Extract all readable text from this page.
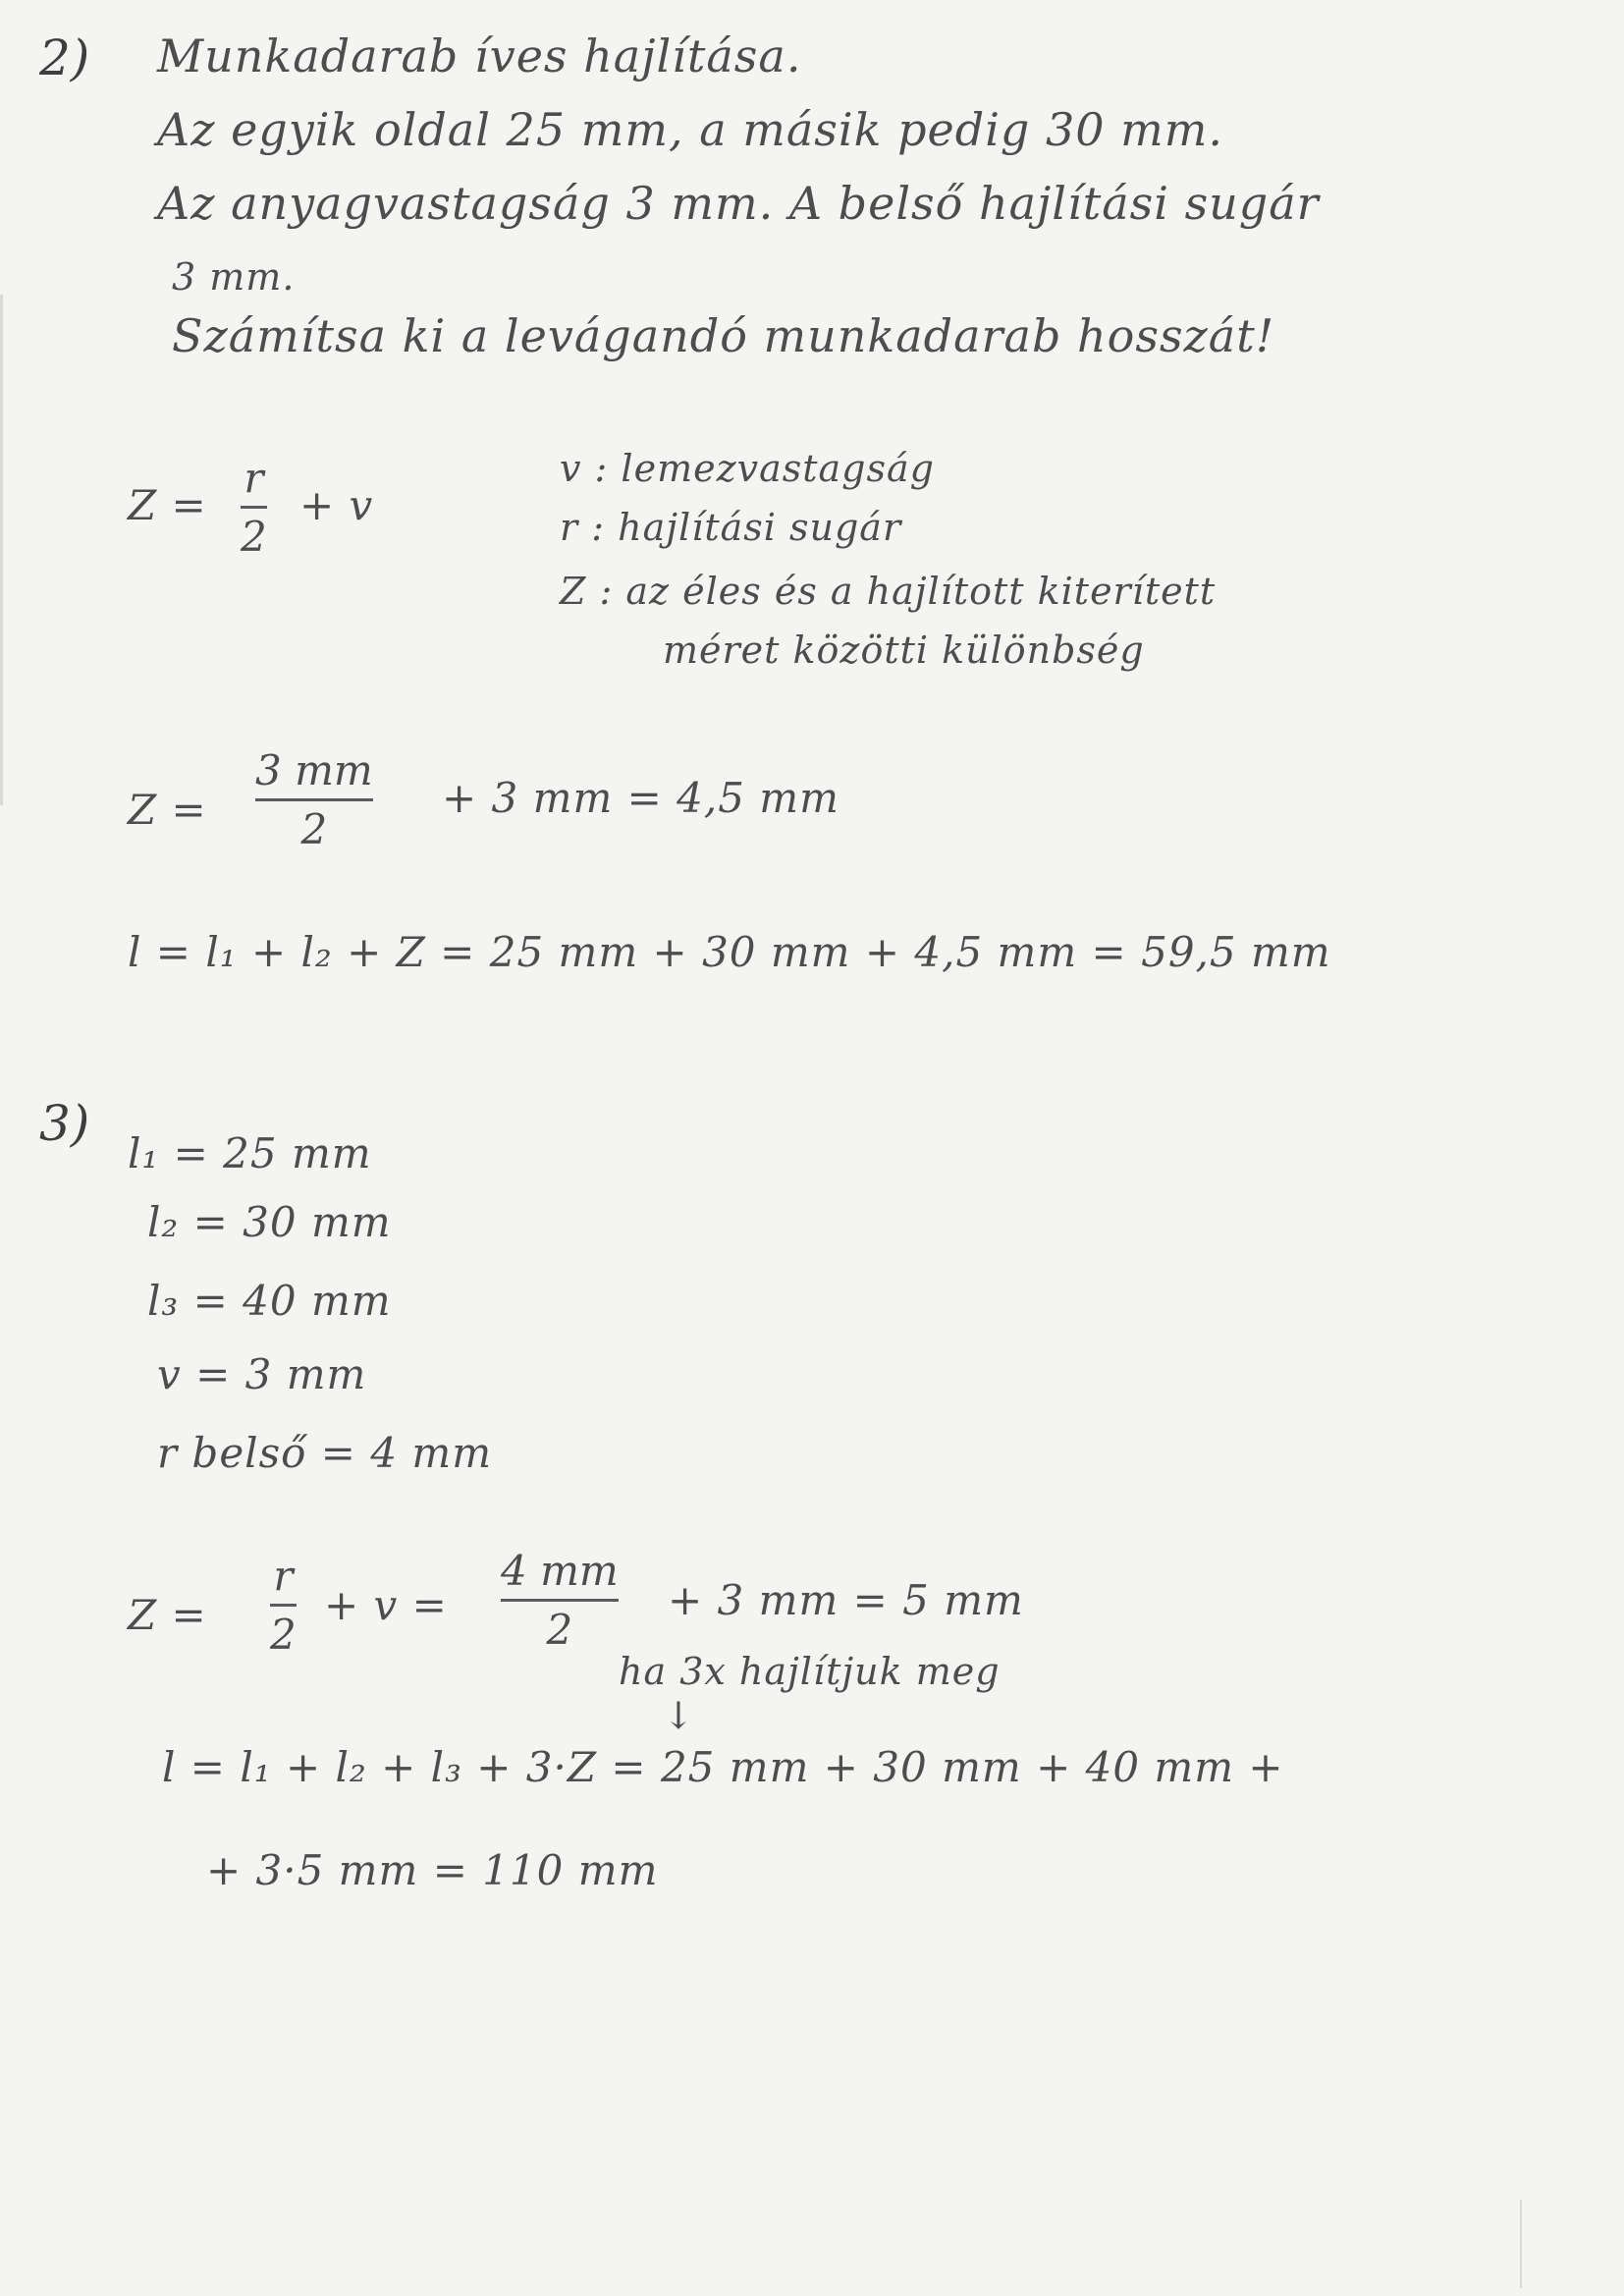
2) Munkadarab íves hajlítása.
Az egyik oldal 25 mm, a másik pedig 30 mm.
Az anyagvastagság 3 mm. A belső hajlítási sugár
3 mm.
Számítsa ki a levágandó munkadarab hosszát!
Z =
r
2
+ v
v : lemezvastagság
r : hajlítási sugár
Z : az éles és a hajlított kiterített
méret közötti különbség
Z =
3 mm
2
+ 3 mm = 4,5 mm
l = l₁ + l₂ + Z = 25 mm + 30 mm + 4,5 mm = 59,5 mm
3)
l₁ = 25 mm
l₂ = 30 mm
l₃ = 40 mm
v = 3 mm
r belső = 4 mm
Z =
r
2
+ v =
4 mm
2
+ 3 mm = 5 mm
ha 3x hajlítjuk meg
↓
l = l₁ + l₂ + l₃ + 3·Z = 25 mm + 30 mm + 40 mm +
+ 3·5 mm = 110 mm
